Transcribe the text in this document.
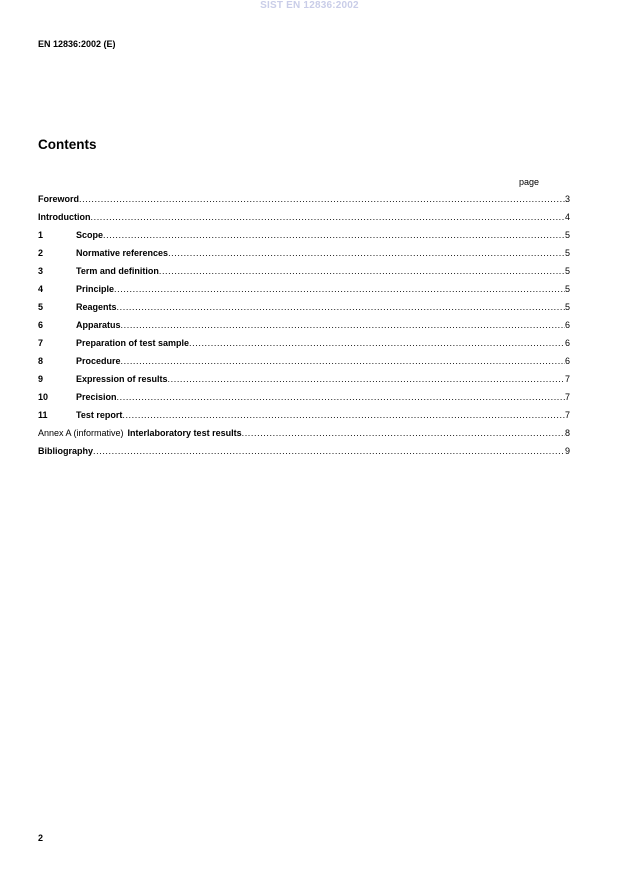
SIST EN 12836:2002
EN 12836:2002 (E)
Contents
page
Foreword .....	3
Introduction .....	4
1	Scope .....	5
2	Normative references .....	5
3	Term and definition .....	5
4	Principle .....	5
5	Reagents .....	5
6	Apparatus .....	6
7	Preparation of test sample .....	6
8	Procedure .....	6
9	Expression of results .....	7
10	Precision .....	7
11	Test report .....	7
Annex A (informative) Interlaboratory test results .....	8
Bibliography .....	9
2
